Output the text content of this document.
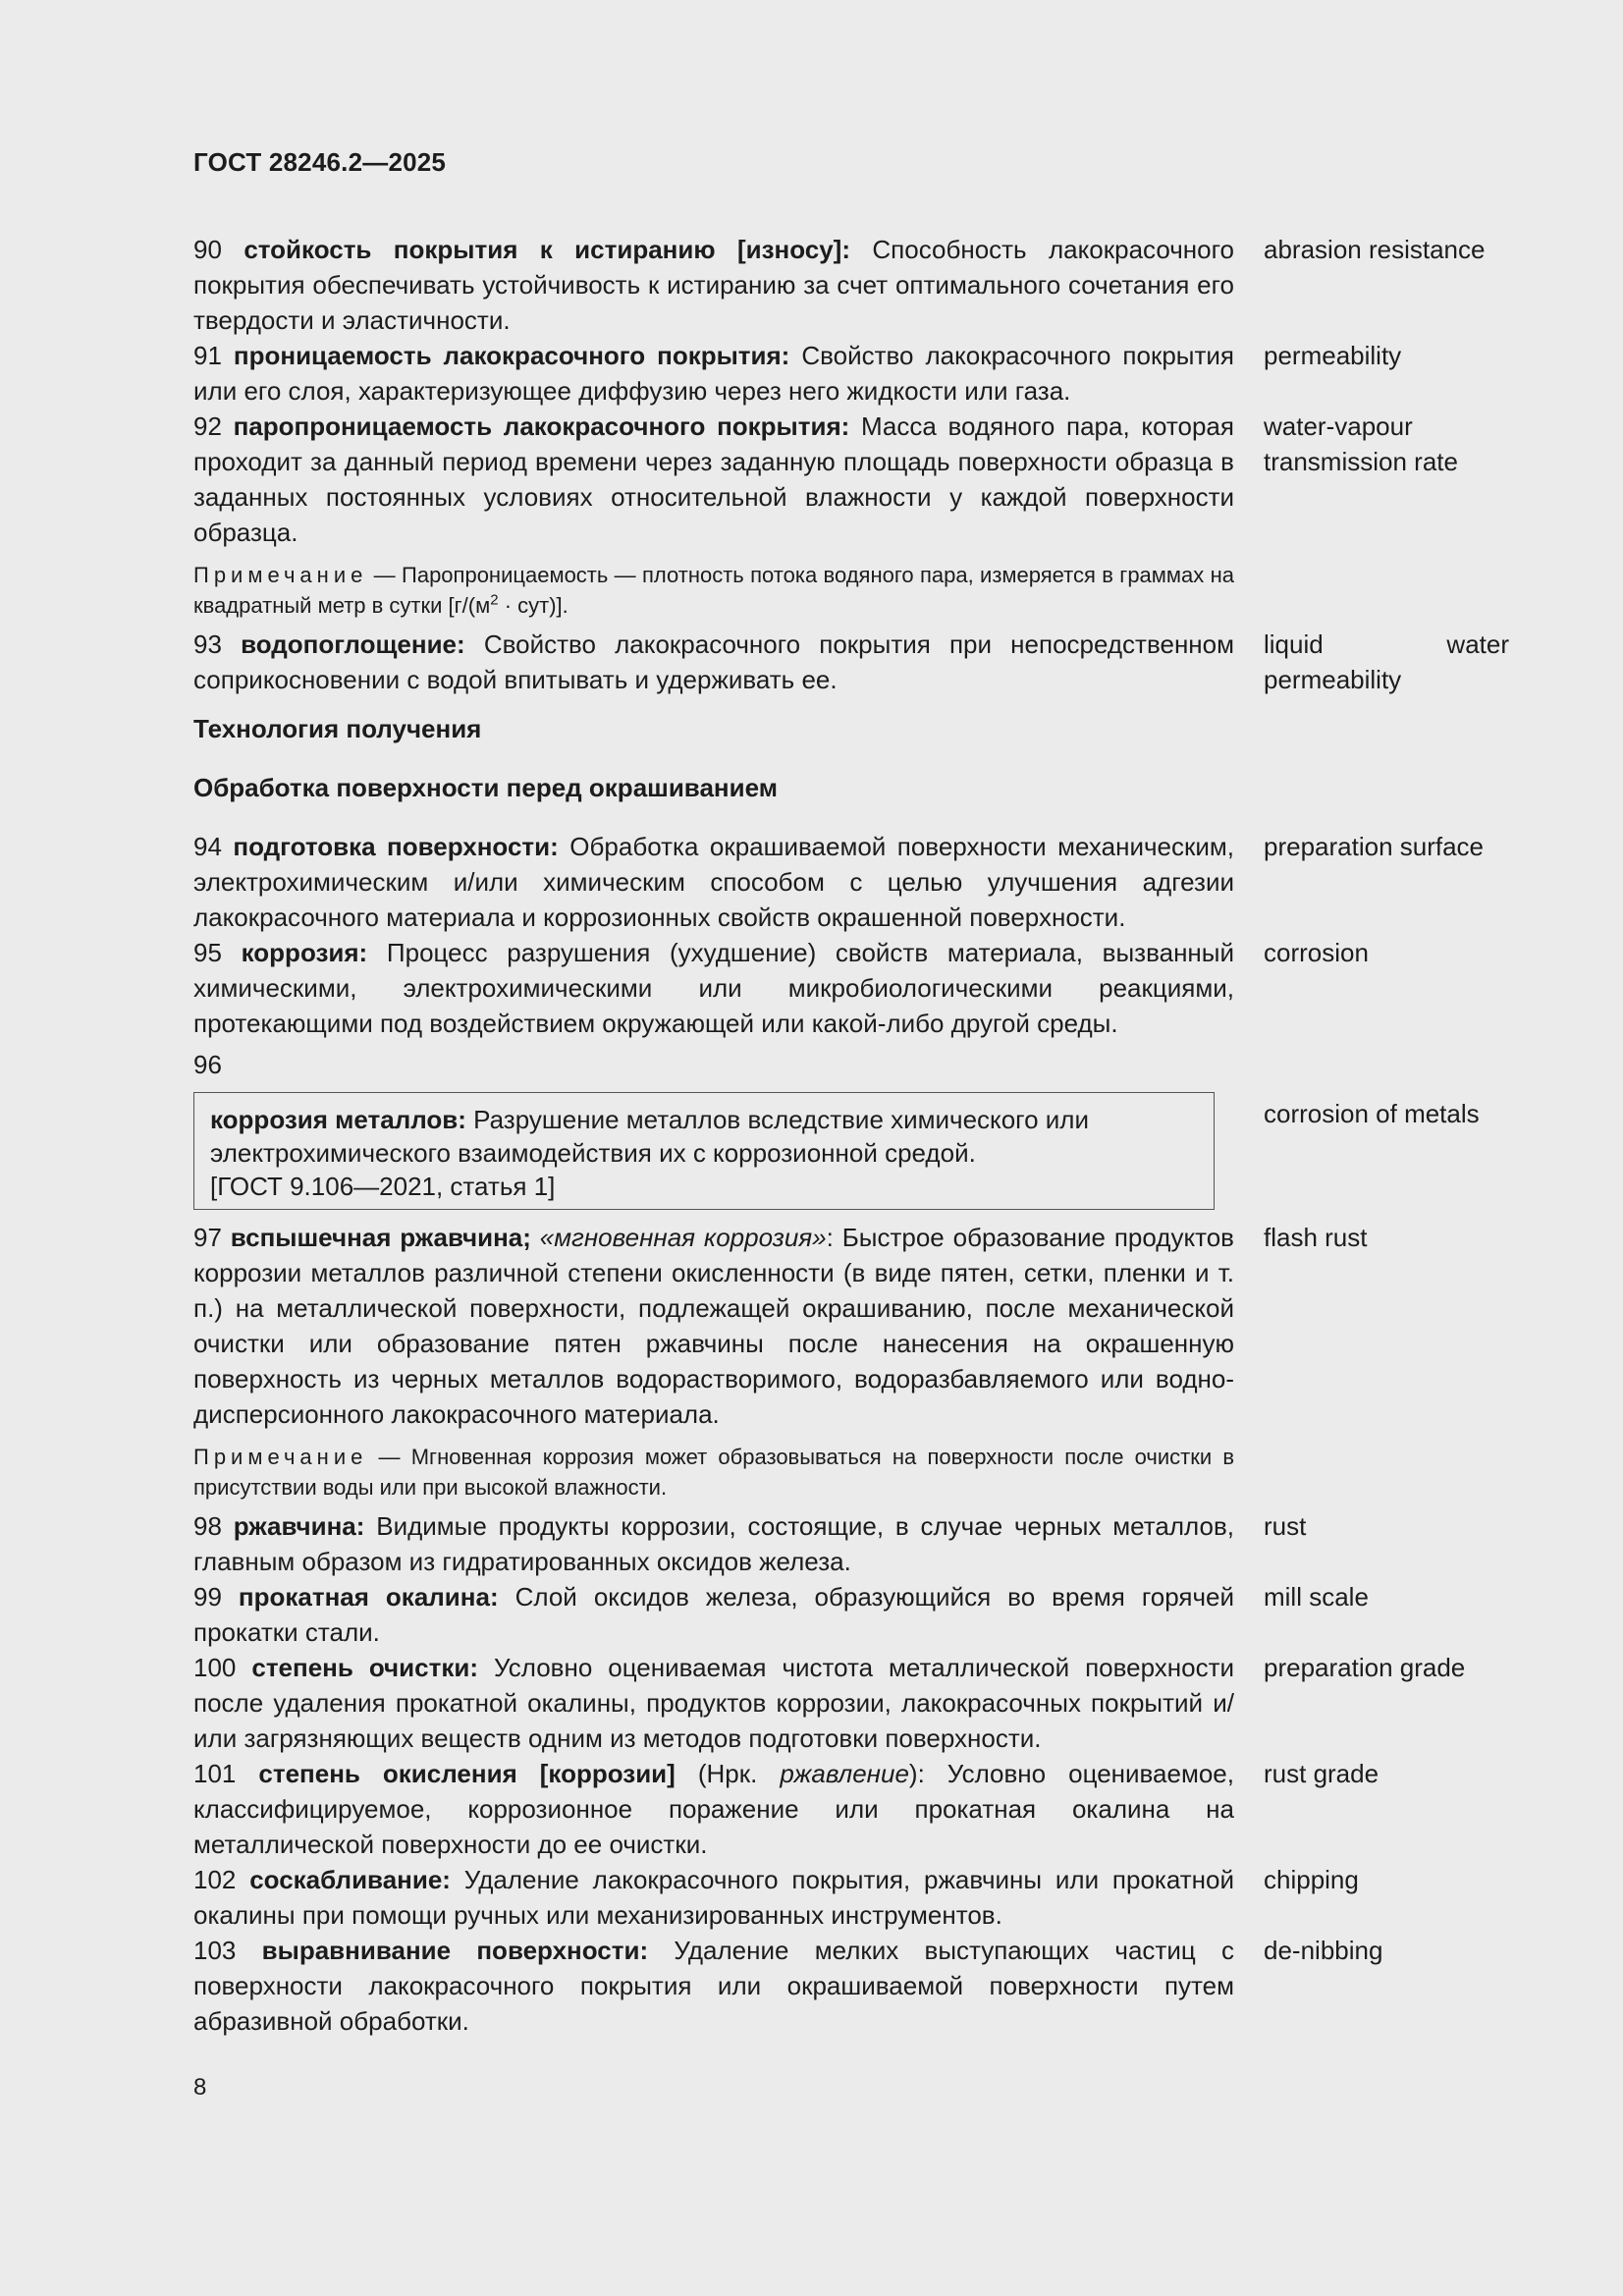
ГОСТ 28246.2—2025
90 стойкость покрытия к истиранию [износу]: Способность лакокрасочного покрытия обеспечивать устойчивость к истиранию за счет оптимального сочетания его твердости и эластичности.
abrasion resistance
91 проницаемость лакокрасочного покрытия: Свойство лакокрасочного покрытия или его слоя, характеризующее диффузию через него жидкости или газа.
permeability
92 паропроницаемость лакокрасочного покрытия: Масса водяного пара, которая проходит за данный период времени через заданную площадь поверхности образца в заданных постоянных условиях относительной влажности у каждой поверхности образца.
water-vapour transmission rate
Примечание — Паропроницаемость — плотность потока водяного пара, измеряется в граммах на квадратный метр в сутки $[г/(м^2 \cdot сут)]$.
93 водопоглощение: Свойство лакокрасочного покрытия при непосредственном соприкосновении с водой впитывать и удерживать ее.
liquid water permeability
Технология получения
Обработка поверхности перед окрашиванием
94 подготовка поверхности: Обработка окрашиваемой поверхности механическим, электрохимическим и/или химическим способом с целью улучшения адгезии лакокрасочного материала и коррозионных свойств окрашенной поверхности.
preparation surface
95 коррозия: Процесс разрушения (ухудшение) свойств материала, вызванный химическими, электрохимическими или микробиологическими реакциями, протекающими под воздействием окружающей или какой-либо другой среды.
corrosion
96
коррозия металлов: Разрушение металлов вследствие химического или электрохимического взаимодействия их с коррозионной средой.
[ГОСТ 9.106—2021, статья 1]
corrosion of metals
97 вспышечная ржавчина; «мгновенная коррозия»: Быстрое образование продуктов коррозии металлов различной степени окисленности (в виде пятен, сетки, пленки и т. п.) на металлической поверхности, подлежащей окрашиванию, после механической очистки или образование пятен ржавчины после нанесения на окрашенную поверхность из черных металлов водорастворимого, водоразбавляемого или водно-дисперсионного лакокрасочного материала.
flash rust
Примечание — Мгновенная коррозия может образовываться на поверхности после очистки в присутствии воды или при высокой влажности.
98 ржавчина: Видимые продукты коррозии, состоящие, в случае черных металлов, главным образом из гидратированных оксидов железа.
rust
99 прокатная окалина: Слой оксидов железа, образующийся во время горячей прокатки стали.
mill scale
100 степень очистки: Условно оцениваемая чистота металлической поверхности после удаления прокатной окалины, продуктов коррозии, лакокрасочных покрытий и/или загрязняющих веществ одним из методов подготовки поверхности.
preparation grade
101 степень окисления [коррозии] (Нрк. ржавление): Условно оцениваемое, классифицируемое, коррозионное поражение или прокатная окалина на металлической поверхности до ее очистки.
rust grade
102 соскабливание: Удаление лакокрасочного покрытия, ржавчины или прокатной окалины при помощи ручных или механизированных инструментов.
chipping
103 выравнивание поверхности: Удаление мелких выступающих частиц с поверхности лакокрасочного покрытия или окрашиваемой поверхности путем абразивной обработки.
de-nibbing
8
